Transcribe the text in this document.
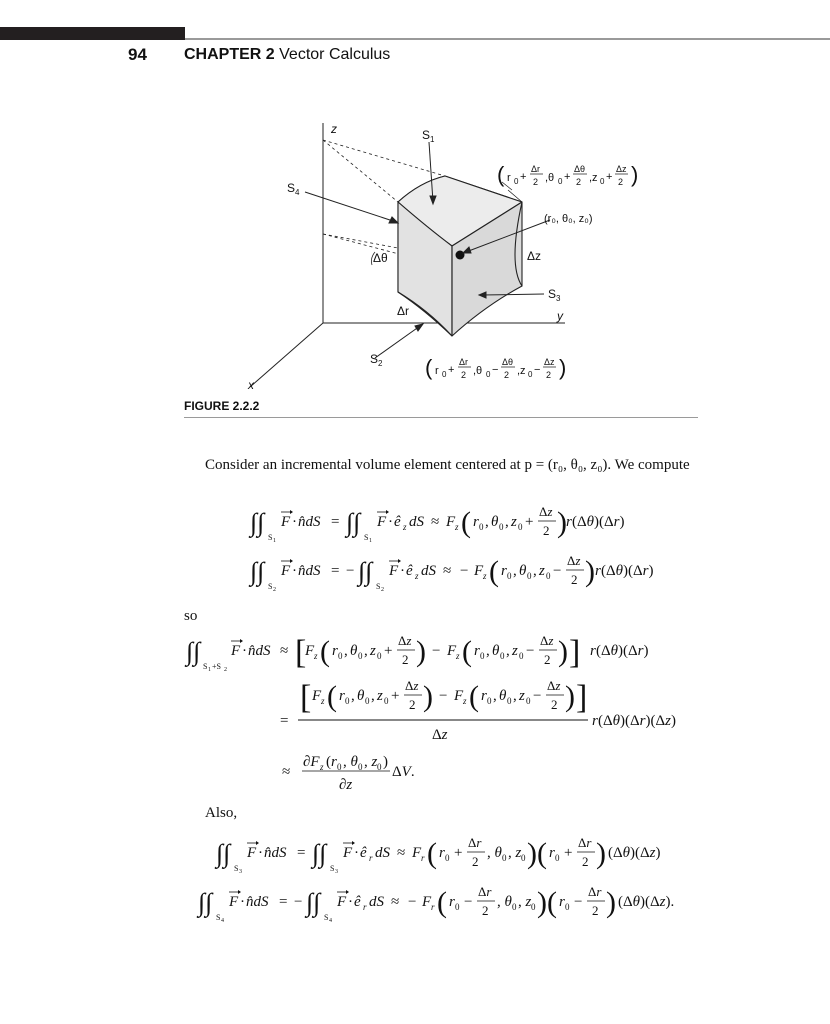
94 CHAPTER 2 Vector Calculus
z
y
x
$S_1$
$S_4$
$S_3$
$S_2$
Δθ
Δr
Δz
(r₀, θ₀, z₀)
( r 0 +
Δr
2 ,θ 0 +
Δθ
2 ,z 0 +
Δz
2 )
( r 0 +
Δr
2 ,θ 0 −
Δθ
2 ,z 0 −
Δz
2 )
FIGURE 2.2.2
Consider an incremental volume element centered at p = (r₀, θ₀, z₀). We compute
so
Also,
∫∫
S 1
F · n̂dS = ∫∫
S 1
F · ê z dS ≈ F z ( r 0 , θ 0 , z 0 +
Δz
2 ) r (Δθ)(Δr)
∫∫
S 2
F · n̂dS = − ∫∫
S 2
F · ê z dS ≈ − F z ( r 0 , θ 0 , z 0 −
Δz
2 ) r (Δθ)(Δr)
∫∫
S 1 +S 2
F · n̂dS ≈ [
F z ( r 0 , θ 0 , z 0 +
Δz
2 ) − F z ( r 0 , θ 0 , z 0 −
Δz
2 ) ] r (Δθ)(Δr)
=
[ F z ( r 0 , θ 0 , z 0 +
Δz
2 ) − F z ( r 0 , θ 0 , z 0 −
Δz
2 ) ]
Δz
r (Δθ)(Δr)(Δz)
≈
∂F z (r 0 , θ 0 , z 0 )
∂z
ΔV.
∫∫
S 3
F · n̂dS = ∫∫
S 3
F · ê r dS ≈ F r ( r 0 +
Δr
2
, θ 0 , z 0 ) ( r 0 +
Δr
2 ) (Δθ)(Δz)
∫∫
S 4
F · n̂dS = − ∫∫
S 4
F · ê r dS ≈ − F r ( r 0 −
Δr
2
, θ 0 , z 0 ) ( r 0 −
Δr
2 ) (Δθ)(Δz).
